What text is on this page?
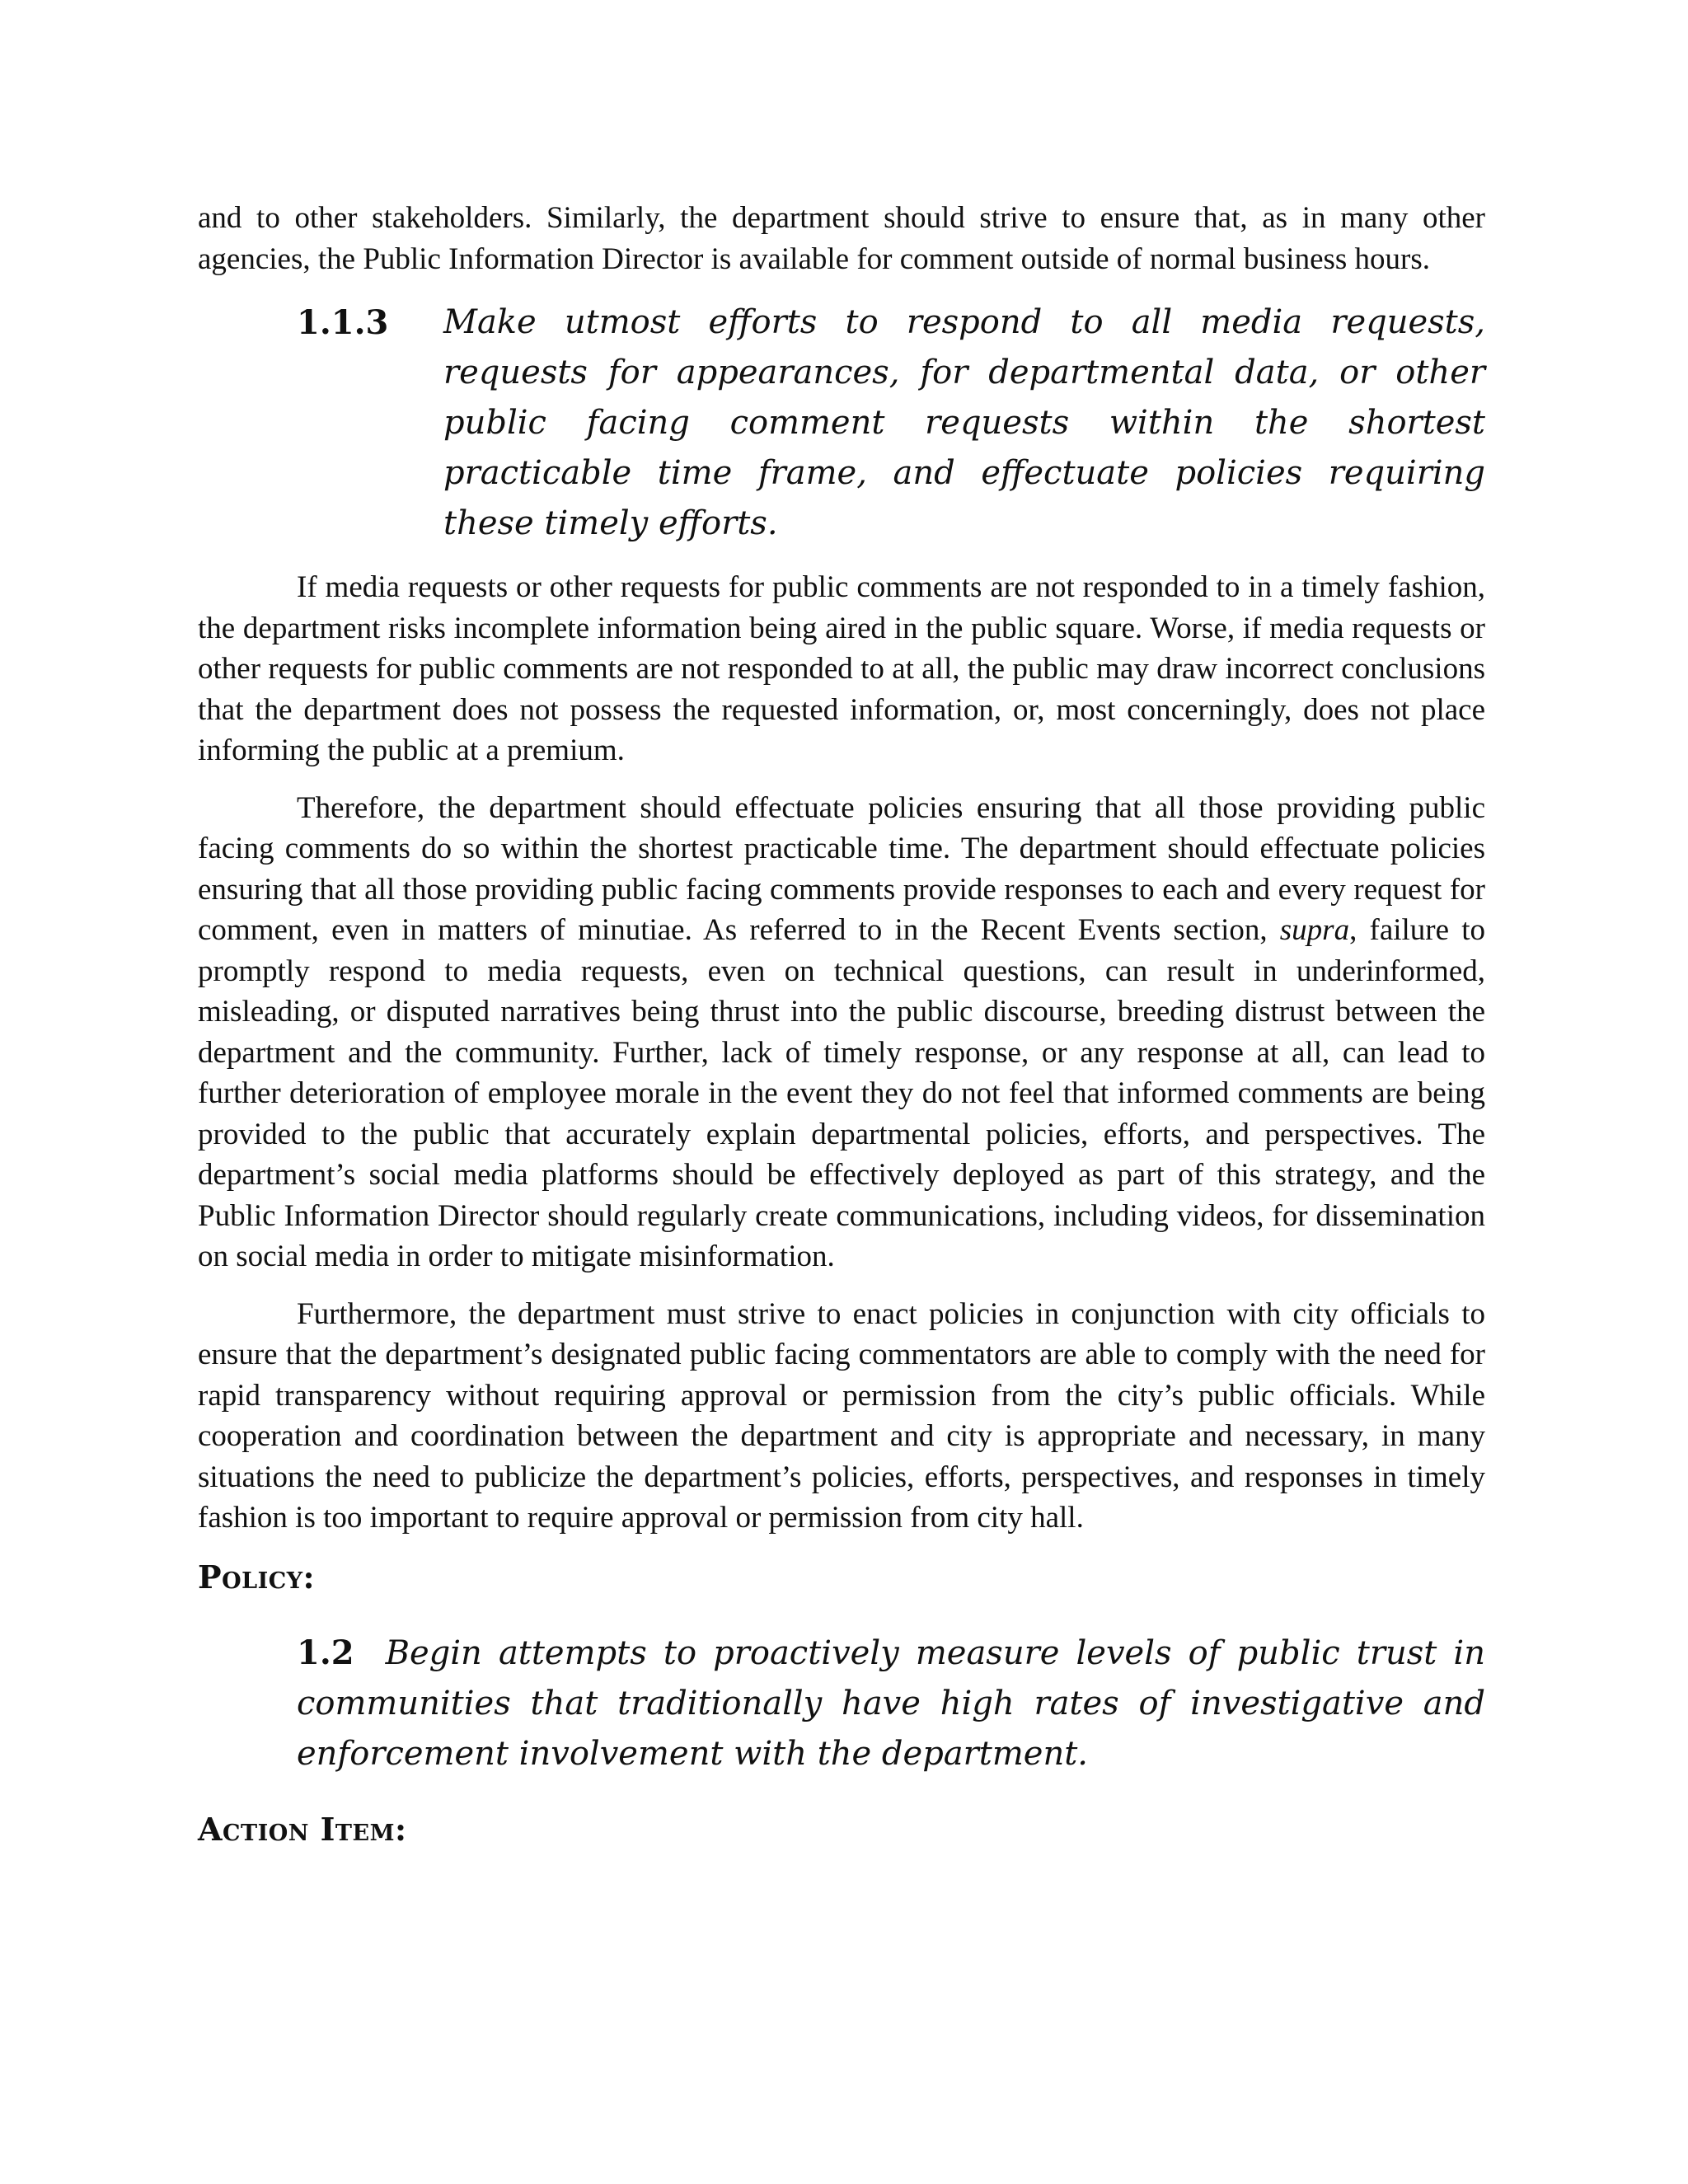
and to other stakeholders. Similarly, the department should strive to ensure that, as in many other agencies, the Public Information Director is available for comment outside of normal business hours.

1.1.3	Make utmost efforts to respond to all media requests, requests for appearances, for departmental data, or other public facing comment requests within the shortest practicable time frame, and effectuate policies requiring these timely efforts.

If media requests or other requests for public comments are not responded to in a timely fashion, the department risks incomplete information being aired in the public square. Worse, if media requests or other requests for public comments are not responded to at all, the public may draw incorrect conclusions that the department does not possess the requested information, or, most concerningly, does not place informing the public at a premium.

Therefore, the department should effectuate policies ensuring that all those providing public facing comments do so within the shortest practicable time. The department should effectuate policies ensuring that all those providing public facing comments provide responses to each and every request for comment, even in matters of minutiae. As referred to in the Recent Events section, supra, failure to promptly respond to media requests, even on technical questions, can result in underinformed, misleading, or disputed narratives being thrust into the public discourse, breeding distrust between the department and the community. Further, lack of timely response, or any response at all, can lead to further deterioration of employee morale in the event they do not feel that informed comments are being provided to the public that accurately explain departmental policies, efforts, and perspectives. The department’s social media platforms should be effectively deployed as part of this strategy, and the Public Information Director should regularly create communications, including videos, for dissemination on social media in order to mitigate misinformation.

Furthermore, the department must strive to enact policies in conjunction with city officials to ensure that the department’s designated public facing commentators are able to comply with the need for rapid transparency without requiring approval or permission from the city’s public officials. While cooperation and coordination between the department and city is appropriate and necessary, in many situations the need to publicize the department’s policies, efforts, perspectives, and responses in timely fashion is too important to require approval or permission from city hall.

Policy:
1.2 Begin attempts to proactively measure levels of public trust in communities that traditionally have high rates of investigative and enforcement involvement with the department.
Action Item:
